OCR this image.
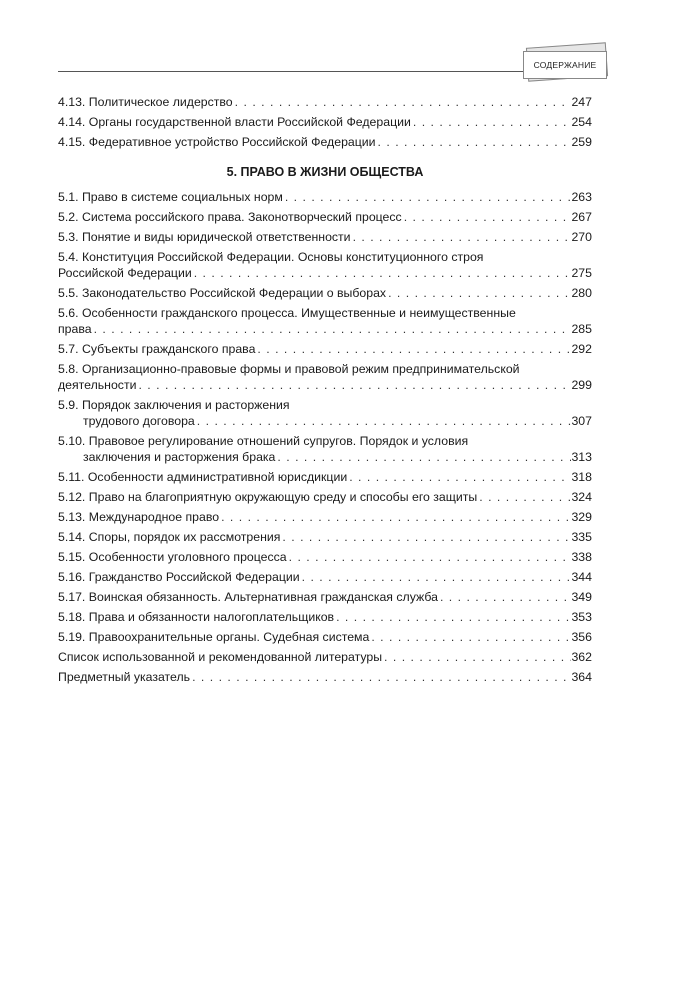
СОДЕРЖАНИЕ
4.13. Политическое лидерство . . .	247
4.14. Органы государственной власти Российской Федерации . . .	254
4.15. Федеративное устройство Российской Федерации . . .	259
5. ПРАВО В ЖИЗНИ ОБЩЕСТВА
5.1. Право в системе социальных норм . . .	263
5.2. Система российского права. Законотворческий процесс . . .	267
5.3. Понятие и виды юридической ответственности . . .	270
5.4. Конституция Российской Федерации. Основы конституционного строя
Российской Федерации . . .	275
5.5. Законодательство Российской Федерации о выборах . . .	280
5.6. Особенности гражданского процесса. Имущественные и неимущественные
права . . .	285
5.7. Субъекты гражданского права . . .	292
5.8. Организационно-правовые формы и правовой режим предпринимательской
деятельности . . .	299
5.9. Порядок заключения и расторжения
трудового договора . . .	307
5.10. Правовое регулирование отношений супругов. Порядок и условия
заключения и расторжения брака . . .	313
5.11. Особенности административной юрисдикции . . .	318
5.12. Право на благоприятную окружающую среду и способы его защиты . . .	324
5.13. Международное право . . .	329
5.14. Споры, порядок их рассмотрения . . .	335
5.15. Особенности уголовного процесса . . .	338
5.16. Гражданство Российской Федерации . . .	344
5.17. Воинская обязанность. Альтернативная гражданская служба . . .	349
5.18. Права и обязанности налогоплательщиков . . .	353
5.19. Правоохранительные органы. Судебная система . . .	356
Список использованной и рекомендованной литературы . . .	362
Предметный указатель . . .	364
